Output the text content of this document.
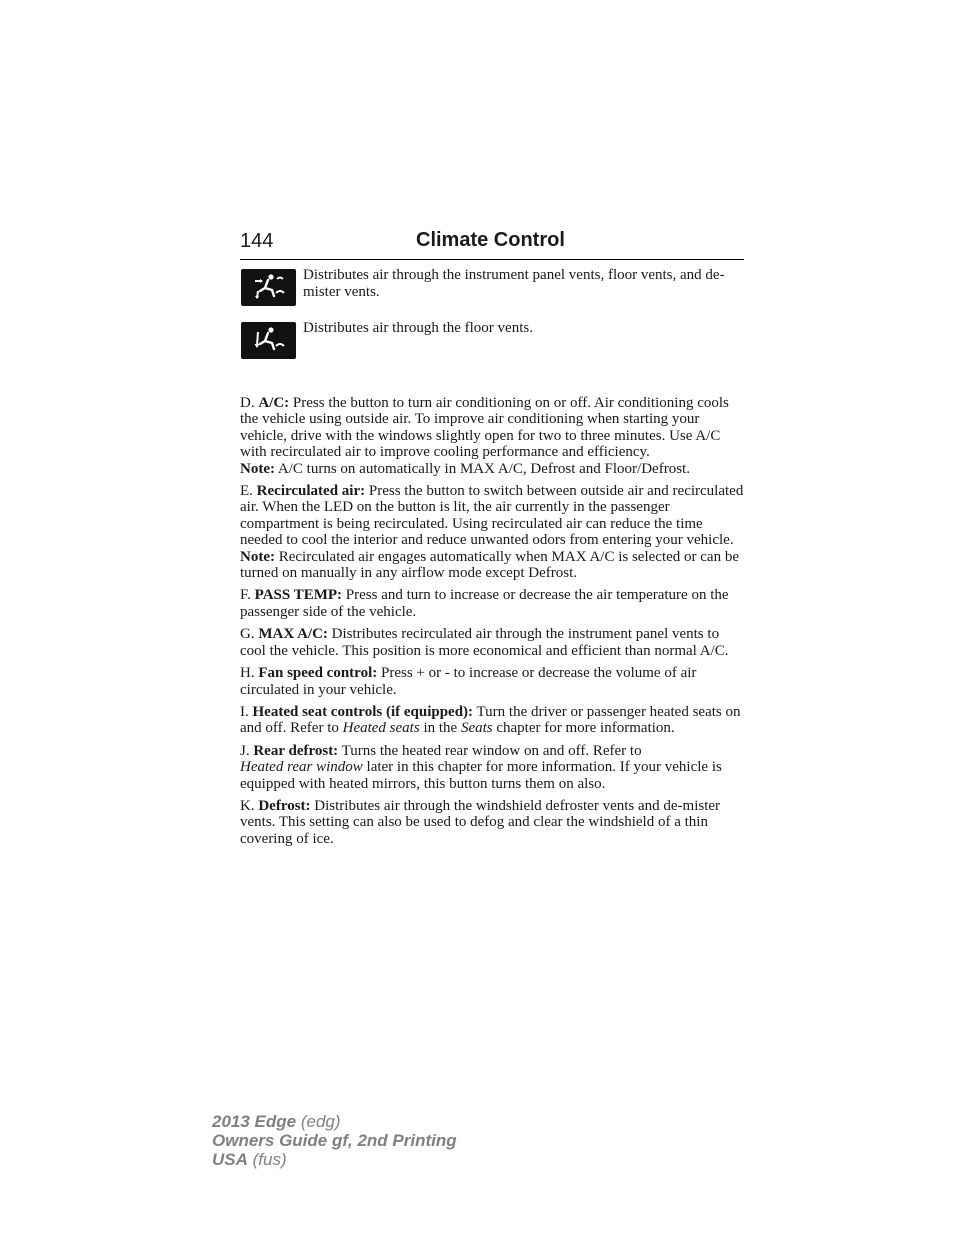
144	Climate Control
Distributes air through the instrument panel vents, floor vents, and de-mister vents.
Distributes air through the floor vents.

D. A/C: Press the button to turn air conditioning on or off. Air conditioning cools the vehicle using outside air. To improve air conditioning when starting your vehicle, drive with the windows slightly open for two to three minutes. Use A/C with recirculated air to improve cooling performance and efficiency.
Note: A/C turns on automatically in MAX A/C, Defrost and Floor/Defrost.

E. Recirculated air: Press the button to switch between outside air and recirculated air. When the LED on the button is lit, the air currently in the passenger compartment is being recirculated. Using recirculated air can reduce the time needed to cool the interior and reduce unwanted odors from entering your vehicle.
Note: Recirculated air engages automatically when MAX A/C is selected or can be turned on manually in any airflow mode except Defrost.

F. PASS TEMP: Press and turn to increase or decrease the air temperature on the passenger side of the vehicle.

G. MAX A/C: Distributes recirculated air through the instrument panel vents to cool the vehicle. This position is more economical and efficient than normal A/C.

H. Fan speed control: Press + or - to increase or decrease the volume of air circulated in your vehicle.

I. Heated seat controls (if equipped): Turn the driver or passenger heated seats on and off. Refer to Heated seats in the Seats chapter for more information.

J. Rear defrost: Turns the heated rear window on and off. Refer to
Heated rear window later in this chapter for more information. If your vehicle is equipped with heated mirrors, this button turns them on also.

K. Defrost: Distributes air through the windshield defroster vents and de-mister vents. This setting can also be used to defog and clear the windshield of a thin covering of ice.

2013 Edge (edg)
Owners Guide gf, 2nd Printing
USA (fus)
